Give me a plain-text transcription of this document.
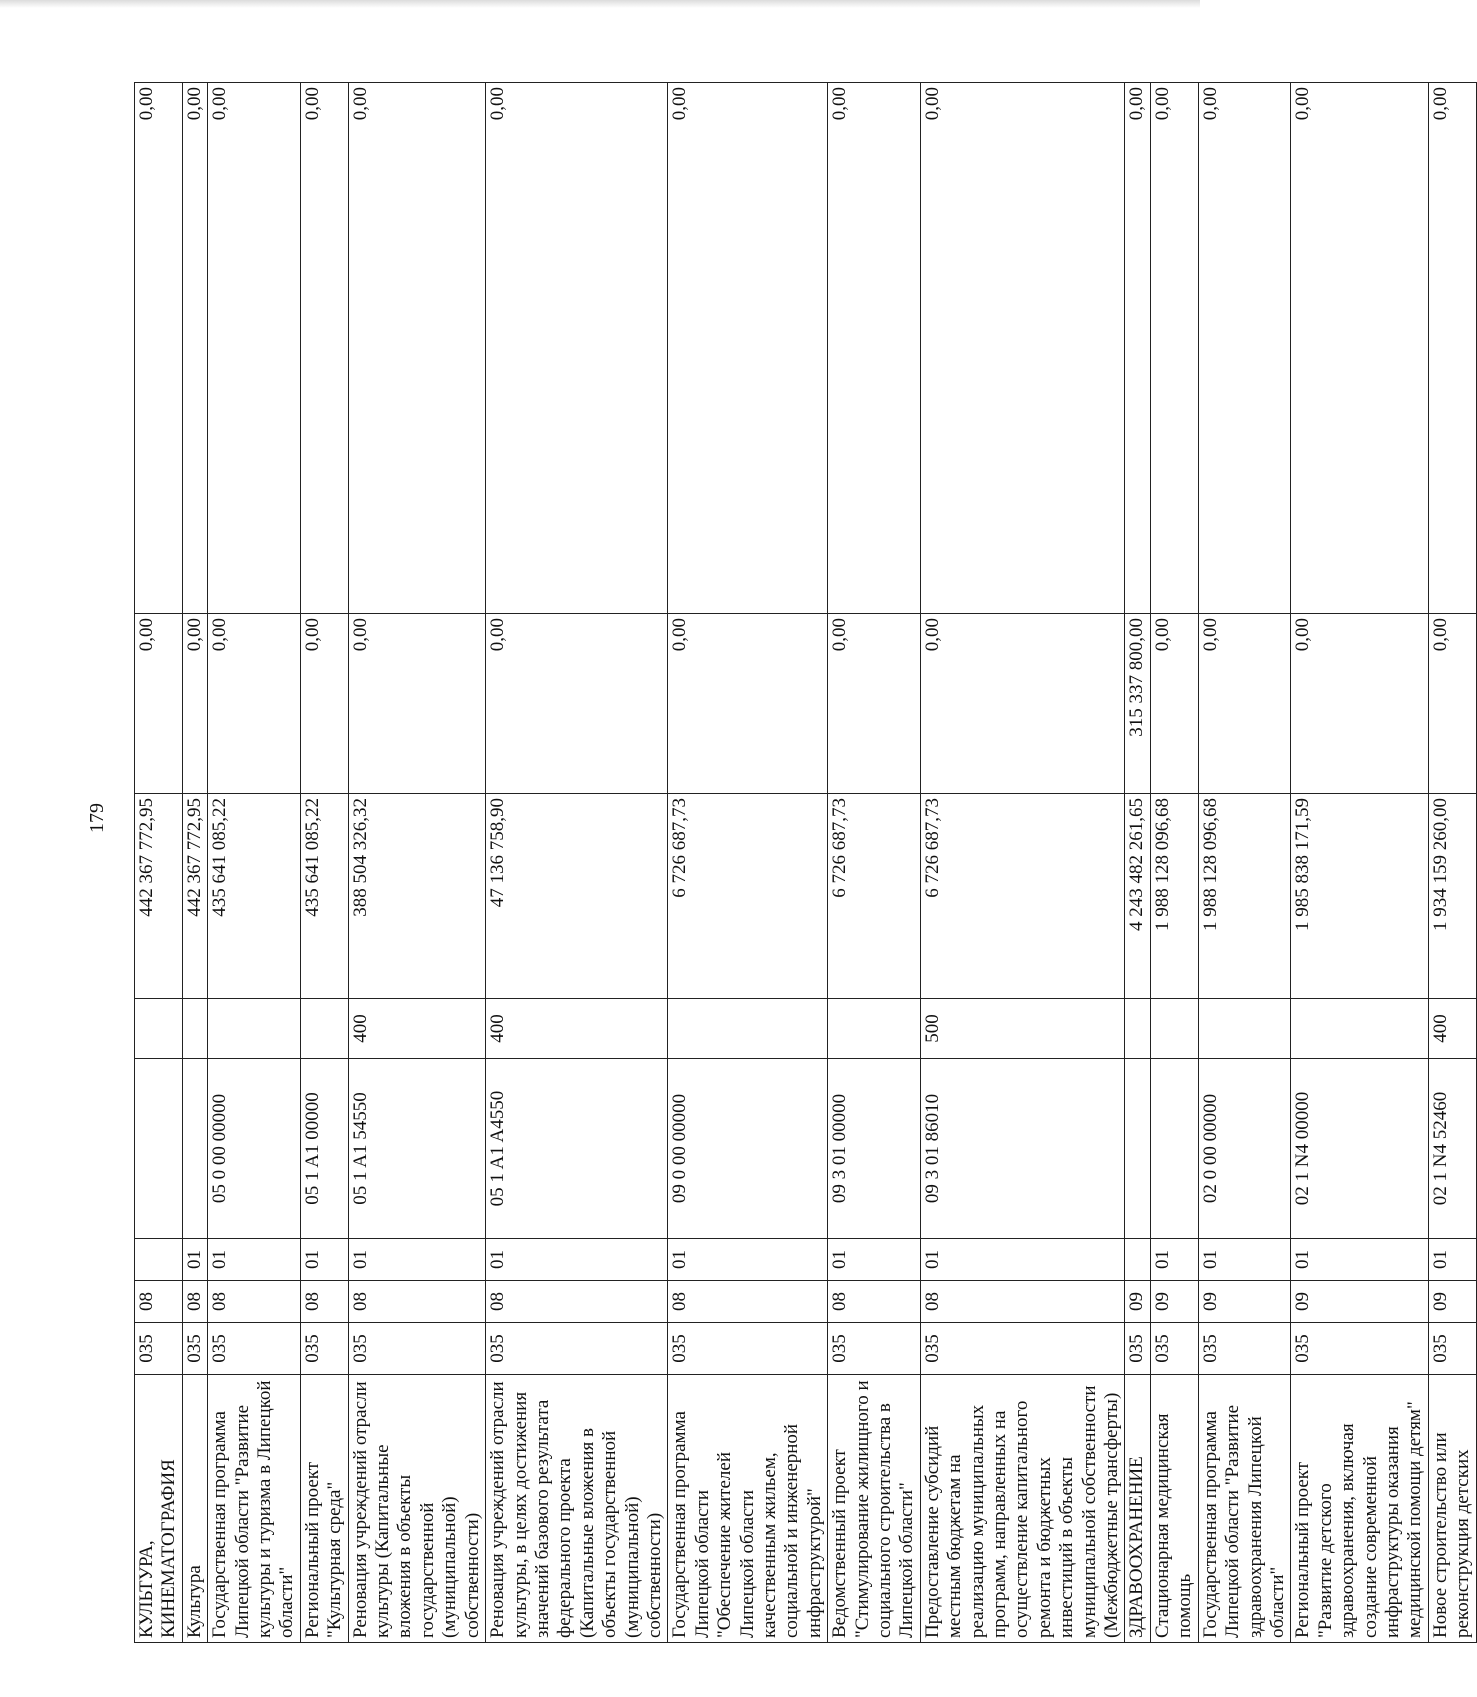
179
КУЛЬТУРА, КИНЕМАТОГРАФИЯ	035	08				442 367 772,95	0,00	0,00
Культура	035	08	01			442 367 772,95	0,00	0,00
Государственная программа Липецкой области "Развитие культуры и туризма в Липецкой области"	035	08	01	05 0 00 00000		435 641 085,22	0,00	0,00
Региональный проект "Культурная среда"	035	08	01	05 1 A1 00000		435 641 085,22	0,00	0,00
Реновация учреждений отрасли культуры (Капитальные вложения в объекты государственной (муниципальной) собственности)	035	08	01	05 1 A1 54550	400	388 504 326,32	0,00	0,00
Реновация учреждений отрасли культуры, в целях достижения значений базового результата федерального проекта (Капитальные вложения в объекты государственной (муниципальной) собственности)	035	08	01	05 1 A1 A4550	400	47 136 758,90	0,00	0,00
Государственная программа Липецкой области "Обеспечение жителей Липецкой области качественным жильем, социальной и инженерной инфраструктурой"	035	08	01	09 0 00 00000		6 726 687,73	0,00	0,00
Ведомственный проект "Стимулирование жилищного и социального строительства в Липецкой области"	035	08	01	09 3 01 00000		6 726 687,73	0,00	0,00
Предоставление субсидий местным бюджетам на реализацию муниципальных программ, направленных на осуществление капитального ремонта и бюджетных инвестиций в объекты муниципальной собственности (Межбюджетные трансферты)	035	08	01	09 3 01 86010	500	6 726 687,73	0,00	0,00
ЗДРАВООХРАНЕНИЕ	035	09				4 243 482 261,65	315 337 800,00	0,00
Стационарная медицинская помощь	035	09	01			1 988 128 096,68	0,00	0,00
Государственная программа Липецкой области "Развитие здравоохранения Липецкой области"	035	09	01	02 0 00 00000		1 988 128 096,68	0,00	0,00
Региональный проект "Развитие детского здравоохранения, включая создание современной инфраструктуры оказания медицинской помощи детям"	035	09	01	02 1 N4 00000		1 985 838 171,59	0,00	0,00
Новое строительство или реконструкция детских	035	09	01	02 1 N4 52460	400	1 934 159 260,00	0,00	0,00
